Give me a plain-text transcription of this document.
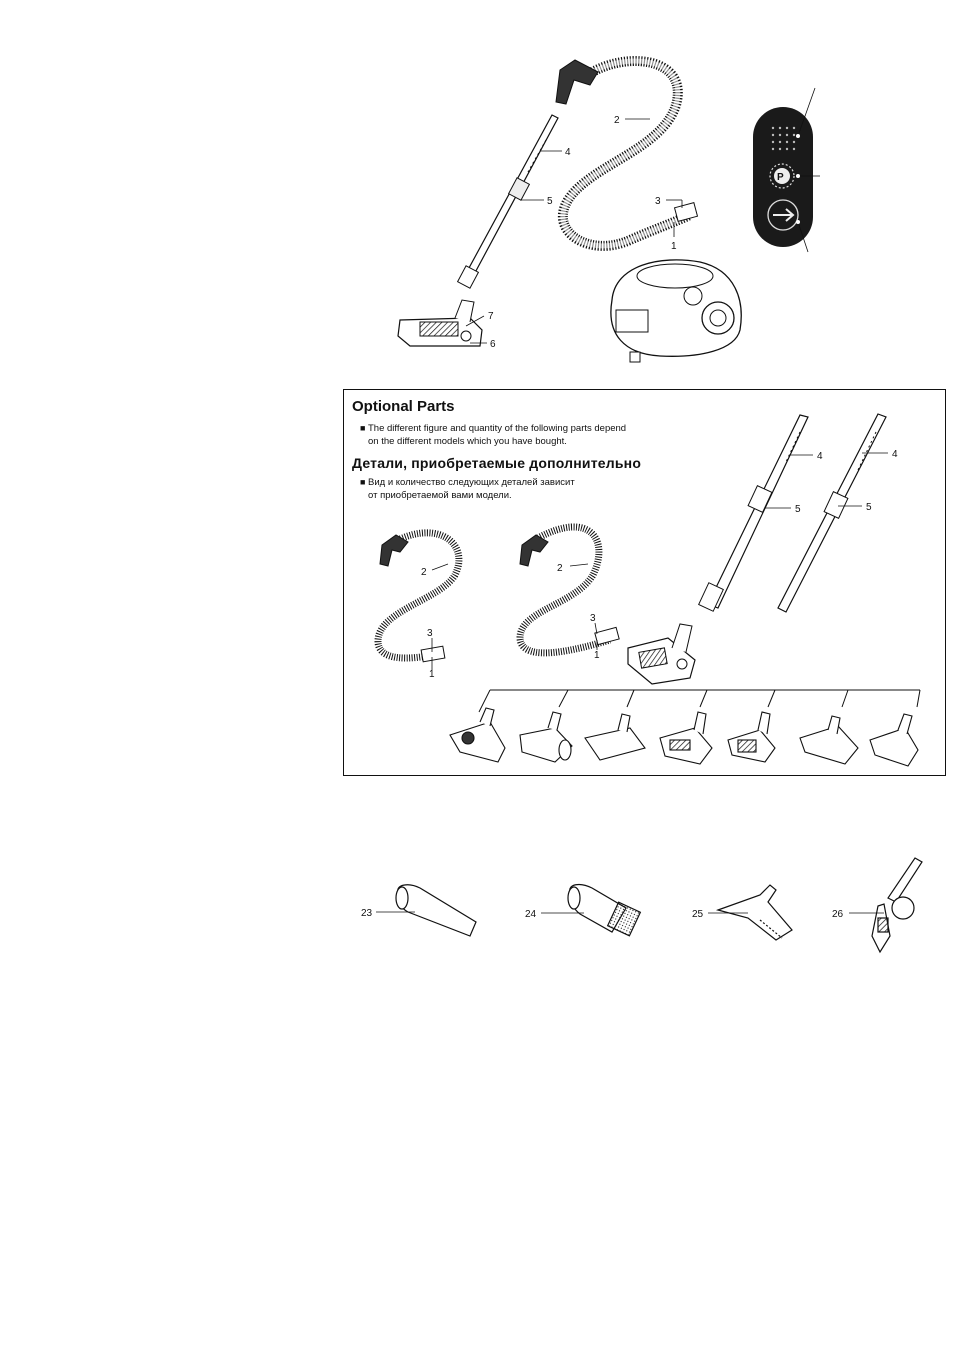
2
4
5	3
1
7
6
4
5
4
5
2
3
1
2
3
1
23	24	25	26
P
Optional Parts

■ The different figure and quantity of the following parts depend
on the different models which you have bought.

Детали, приобретаемые дополнительно

■ Вид и количество следующих деталей зависит
от приобретаемой вами модели.
